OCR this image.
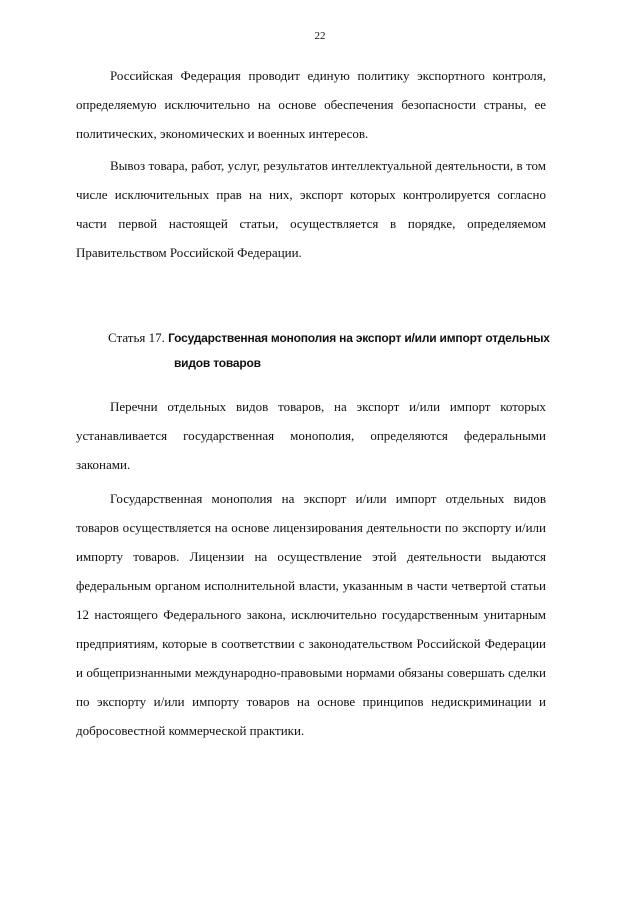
22

Российская Федерация проводит единую политику экспортного контроля, определяемую исключительно на основе обеспечения безопасности страны, ее политических, экономических и военных интересов.

Вывоз товара, работ, услуг, результатов интеллектуальной деятельности, в том числе исключительных прав на них, экспорт которых контролируется согласно части первой настоящей статьи, осуществляется в порядке, определяемом Правительством Российской Федерации.

Статья 17. Государственная монополия на экспорт и/или импорт отдельных
видов товаров

Перечни отдельных видов товаров, на экспорт и/или импорт которых устанавливается государственная монополия, определяются федеральными законами.

Государственная монополия на экспорт и/или импорт отдельных видов товаров осуществляется на основе лицензирования деятельности по экспорту и/или импорту товаров. Лицензии на осуществление этой деятельности выдаются федеральным органом исполнительной власти, указанным в части четвертой статьи 12 настоящего Федерального закона, исключительно государственным унитарным предприятиям, которые в соответствии с законодательством Российской Федерации и общепризнанными международно-правовыми нормами обязаны совершать сделки по экспорту и/или импорту товаров на основе принципов недискриминации и добросовестной коммерческой практики.
